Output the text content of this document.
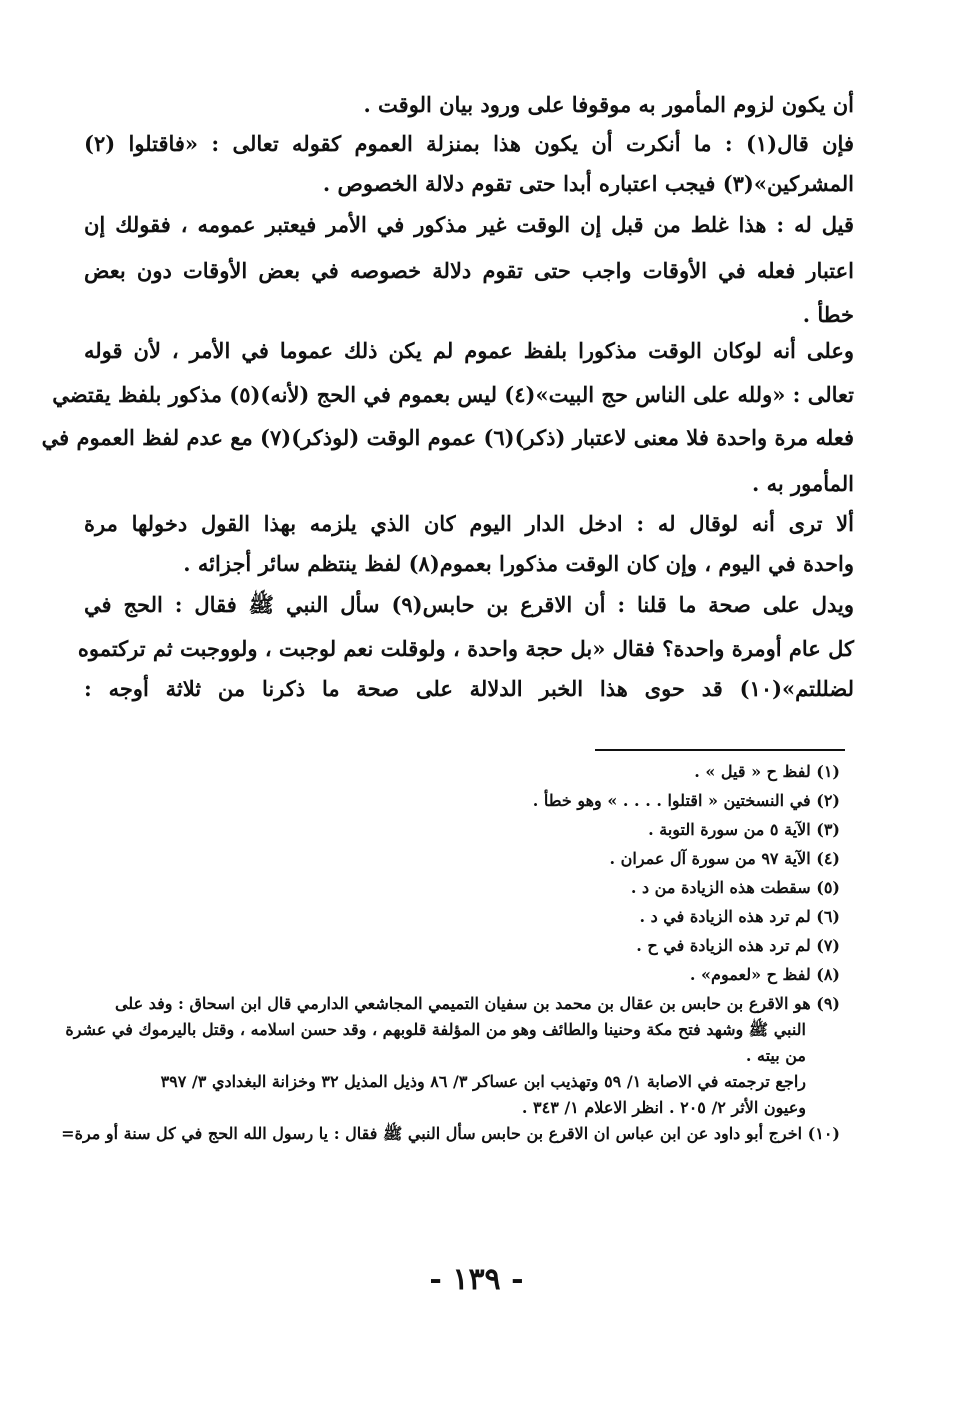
أن يكون لزوم المأمور به موقوفا على ورود بيان الوقت .
فإن قال(١) : ما أنكرت أن يكون هذا بمنزلة العموم كقوله تعالى : «فاقتلوا (٢)
المشركين»(٣) فيجب اعتباره أبدا حتى تقوم دلالة الخصوص .
قيل له : هذا غلط من قبل إن الوقت غير مذكور في الأمر فيعتبر عمومه ، فقولك إن
اعتبار فعله في الأوقات واجب حتى تقوم دلالة خصوصه في بعض الأوقات دون بعض
خطأ .
وعلى أنه لوكان الوقت مذكورا بلفظ عموم لم يكن ذلك عموما في الأمر ، لأن قوله
تعالى : «ولله على الناس حج البيت»(٤) ليس بعموم في الحج (لأنه)(٥) مذكور بلفظ يقتضي
فعله مرة واحدة فلا معنى لاعتبار (ذكر)(٦) عموم الوقت (لوذكر)(٧) مع عدم لفظ العموم في
المأمور به .
ألا ترى أنه لوقال له : ادخل الدار اليوم كان الذي يلزمه بهذا القول دخولها مرة
واحدة في اليوم ، وإن كان الوقت مذكورا بعموم(٨) لفظ ينتظم سائر أجزائه .
ويدل على صحة ما قلنا : أن الاقرع بن حابس(٩) سأل النبي ﷺ فقال : الحج في
كل عام أومرة واحدة؟ فقال «بل حجة واحدة ، ولوقلت نعم لوجبت ، ولووجبت ثم تركتموه
لضللتم»(١٠) قد حوى هذا الخبر الدلالة على صحة ما ذكرنا من ثلاثة أوجه :
(١) لفظ ح « قيل » .
(٢) في النسختين « اقتلوا . . . . » وهو خطأ .
(٣) الآية ٥ من سورة التوبة .
(٤) الآية ٩٧ من سورة آل عمران .
(٥) سقطت هذه الزيادة من د .
(٦) لم ترد هذه الزيادة في د .
(٧) لم ترد هذه الزيادة في ح .
(٨) لفظ ح «لعموم» .
(٩) هو الاقرع بن حابس بن عقال بن محمد بن سفيان التميمي المجاشعي الدارمي قال ابن اسحاق : وفد على
النبي ﷺ وشهد فتح مكة وحنينا والطائف وهو من المؤلفة قلوبهم ، وقد حسن اسلامه ، وقتل باليرموك في عشرة
من بيته .
راجع ترجمته في الاصابة ١/ ٥٩ وتهذيب ابن عساكر ٣/ ٨٦ وذيل المذيل ٣٢ وخزانة البغدادي ٣/ ٣٩٧
وعيون الأثر ٢/ ٢٠٥ . انظر الاعلام ١/ ٣٤٣ .
(١٠) اخرج أبو داود عن ابن عباس ان الاقرع بن حابس سأل النبي ﷺ فقال : يا رسول الله الحج في كل سنة أو مرة=
- ١٣٩ -
